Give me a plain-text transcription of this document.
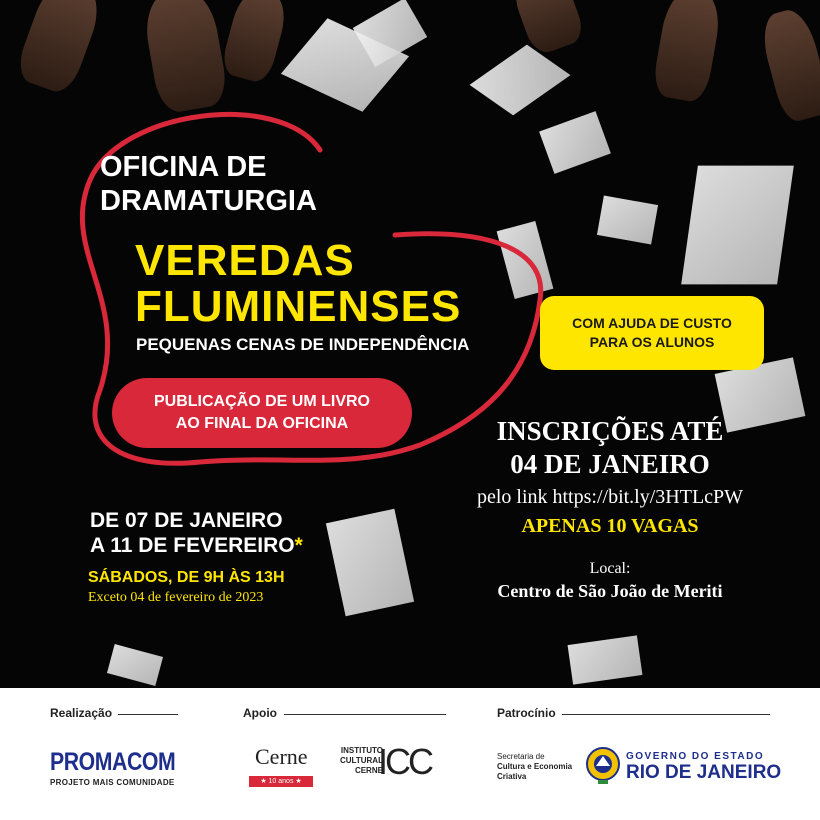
OFICINA DE
DRAMATURGIA
VEREDAS
FLUMINENSES
PEQUENAS CENAS DE INDEPENDÊNCIA
PUBLICAÇÃO DE UM LIVRO
AO FINAL DA OFICINA
COM AJUDA DE CUSTO
PARA OS ALUNOS
DE 07 DE JANEIRO
A 11 DE FEVEREIRO*
SÁBADOS, DE 9H ÀS 13H
Exceto 04 de fevereiro de 2023
INSCRIÇÕES ATÉ
04 DE JANEIRO
pelo link https://bit.ly/3HTLcPW
APENAS 10 VAGAS
Local:
Centro de São João de Meriti
Realização	Apoio	Patrocínio
PROMACOM
PROJETO MAIS COMUNIDADE
Cerne
★ 10 anos ★
INSTITUTO
CULTURAL
CERNE
ICC	Secretaria de
Cultura e Economia
Criativa
GOVERNO DO ESTADO
RIO DE JANEIRO
